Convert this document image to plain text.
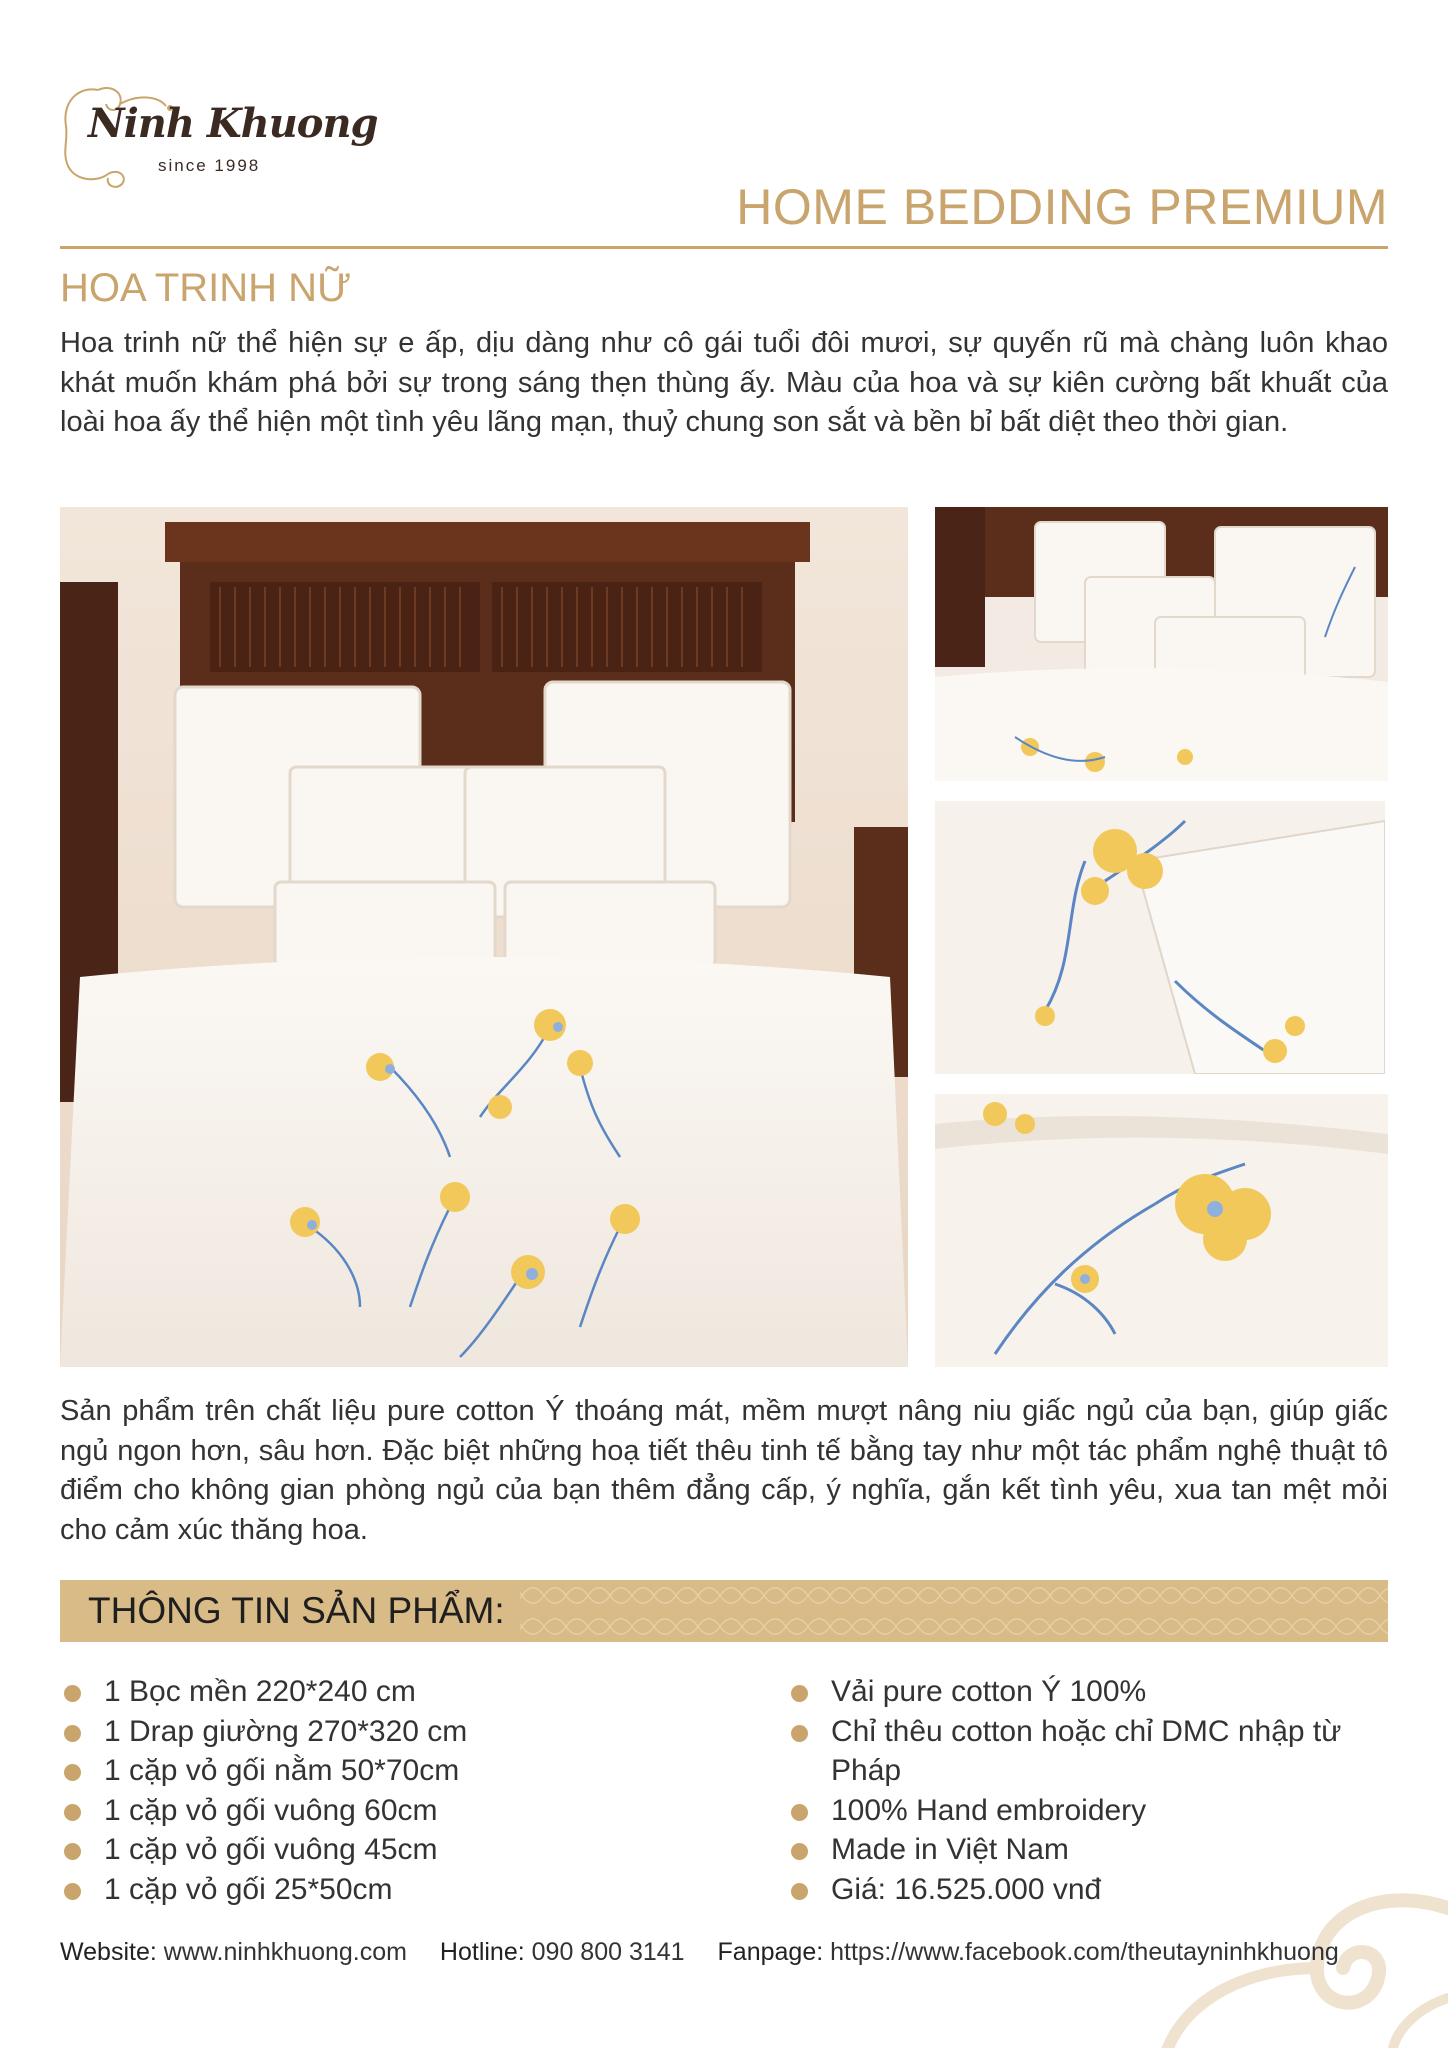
Ninh Khuong
since 1998
HOME BEDDING PREMIUM
HOA TRINH NỮ
Hoa trinh nữ thể hiện sự e ấp, dịu dàng như cô gái tuổi đôi mươi, sự quyến rũ mà chàng luôn khao khát muốn khám phá bởi sự trong sáng thẹn thùng ấy. Màu của hoa và sự kiên cường bất khuất của loài hoa ấy thể hiện một tình yêu lãng mạn, thuỷ chung son sắt và bền bỉ bất diệt theo thời gian.
Sản phẩm trên chất liệu pure cotton Ý thoáng mát, mềm mượt nâng niu giấc ngủ của bạn, giúp giấc ngủ ngon hơn, sâu hơn. Đặc biệt những hoạ tiết thêu tinh tế bằng tay như một tác phẩm nghệ thuật tô điểm cho không gian phòng ngủ của bạn thêm đẳng cấp, ý nghĩa, gắn kết tình yêu, xua tan mệt mỏi cho cảm xúc thăng hoa.
THÔNG TIN SẢN PHẨM:
1 Bọc mền 220*240 cm
1 Drap giường 270*320 cm
1 cặp vỏ gối nằm 50*70cm
1 cặp vỏ gối vuông 60cm
1 cặp vỏ gối vuông 45cm
1 cặp vỏ gối 25*50cm
Vải pure cotton Ý 100%
Chỉ thêu cotton hoặc chỉ DMC nhập từ Pháp
100% Hand embroidery
Made in Việt Nam
Giá: 16.525.000 vnđ
Website: www.ninhkhuong.com Hotline: 090 800 3141 Fanpage: https://www.facebook.com/theutayninhkhuong
